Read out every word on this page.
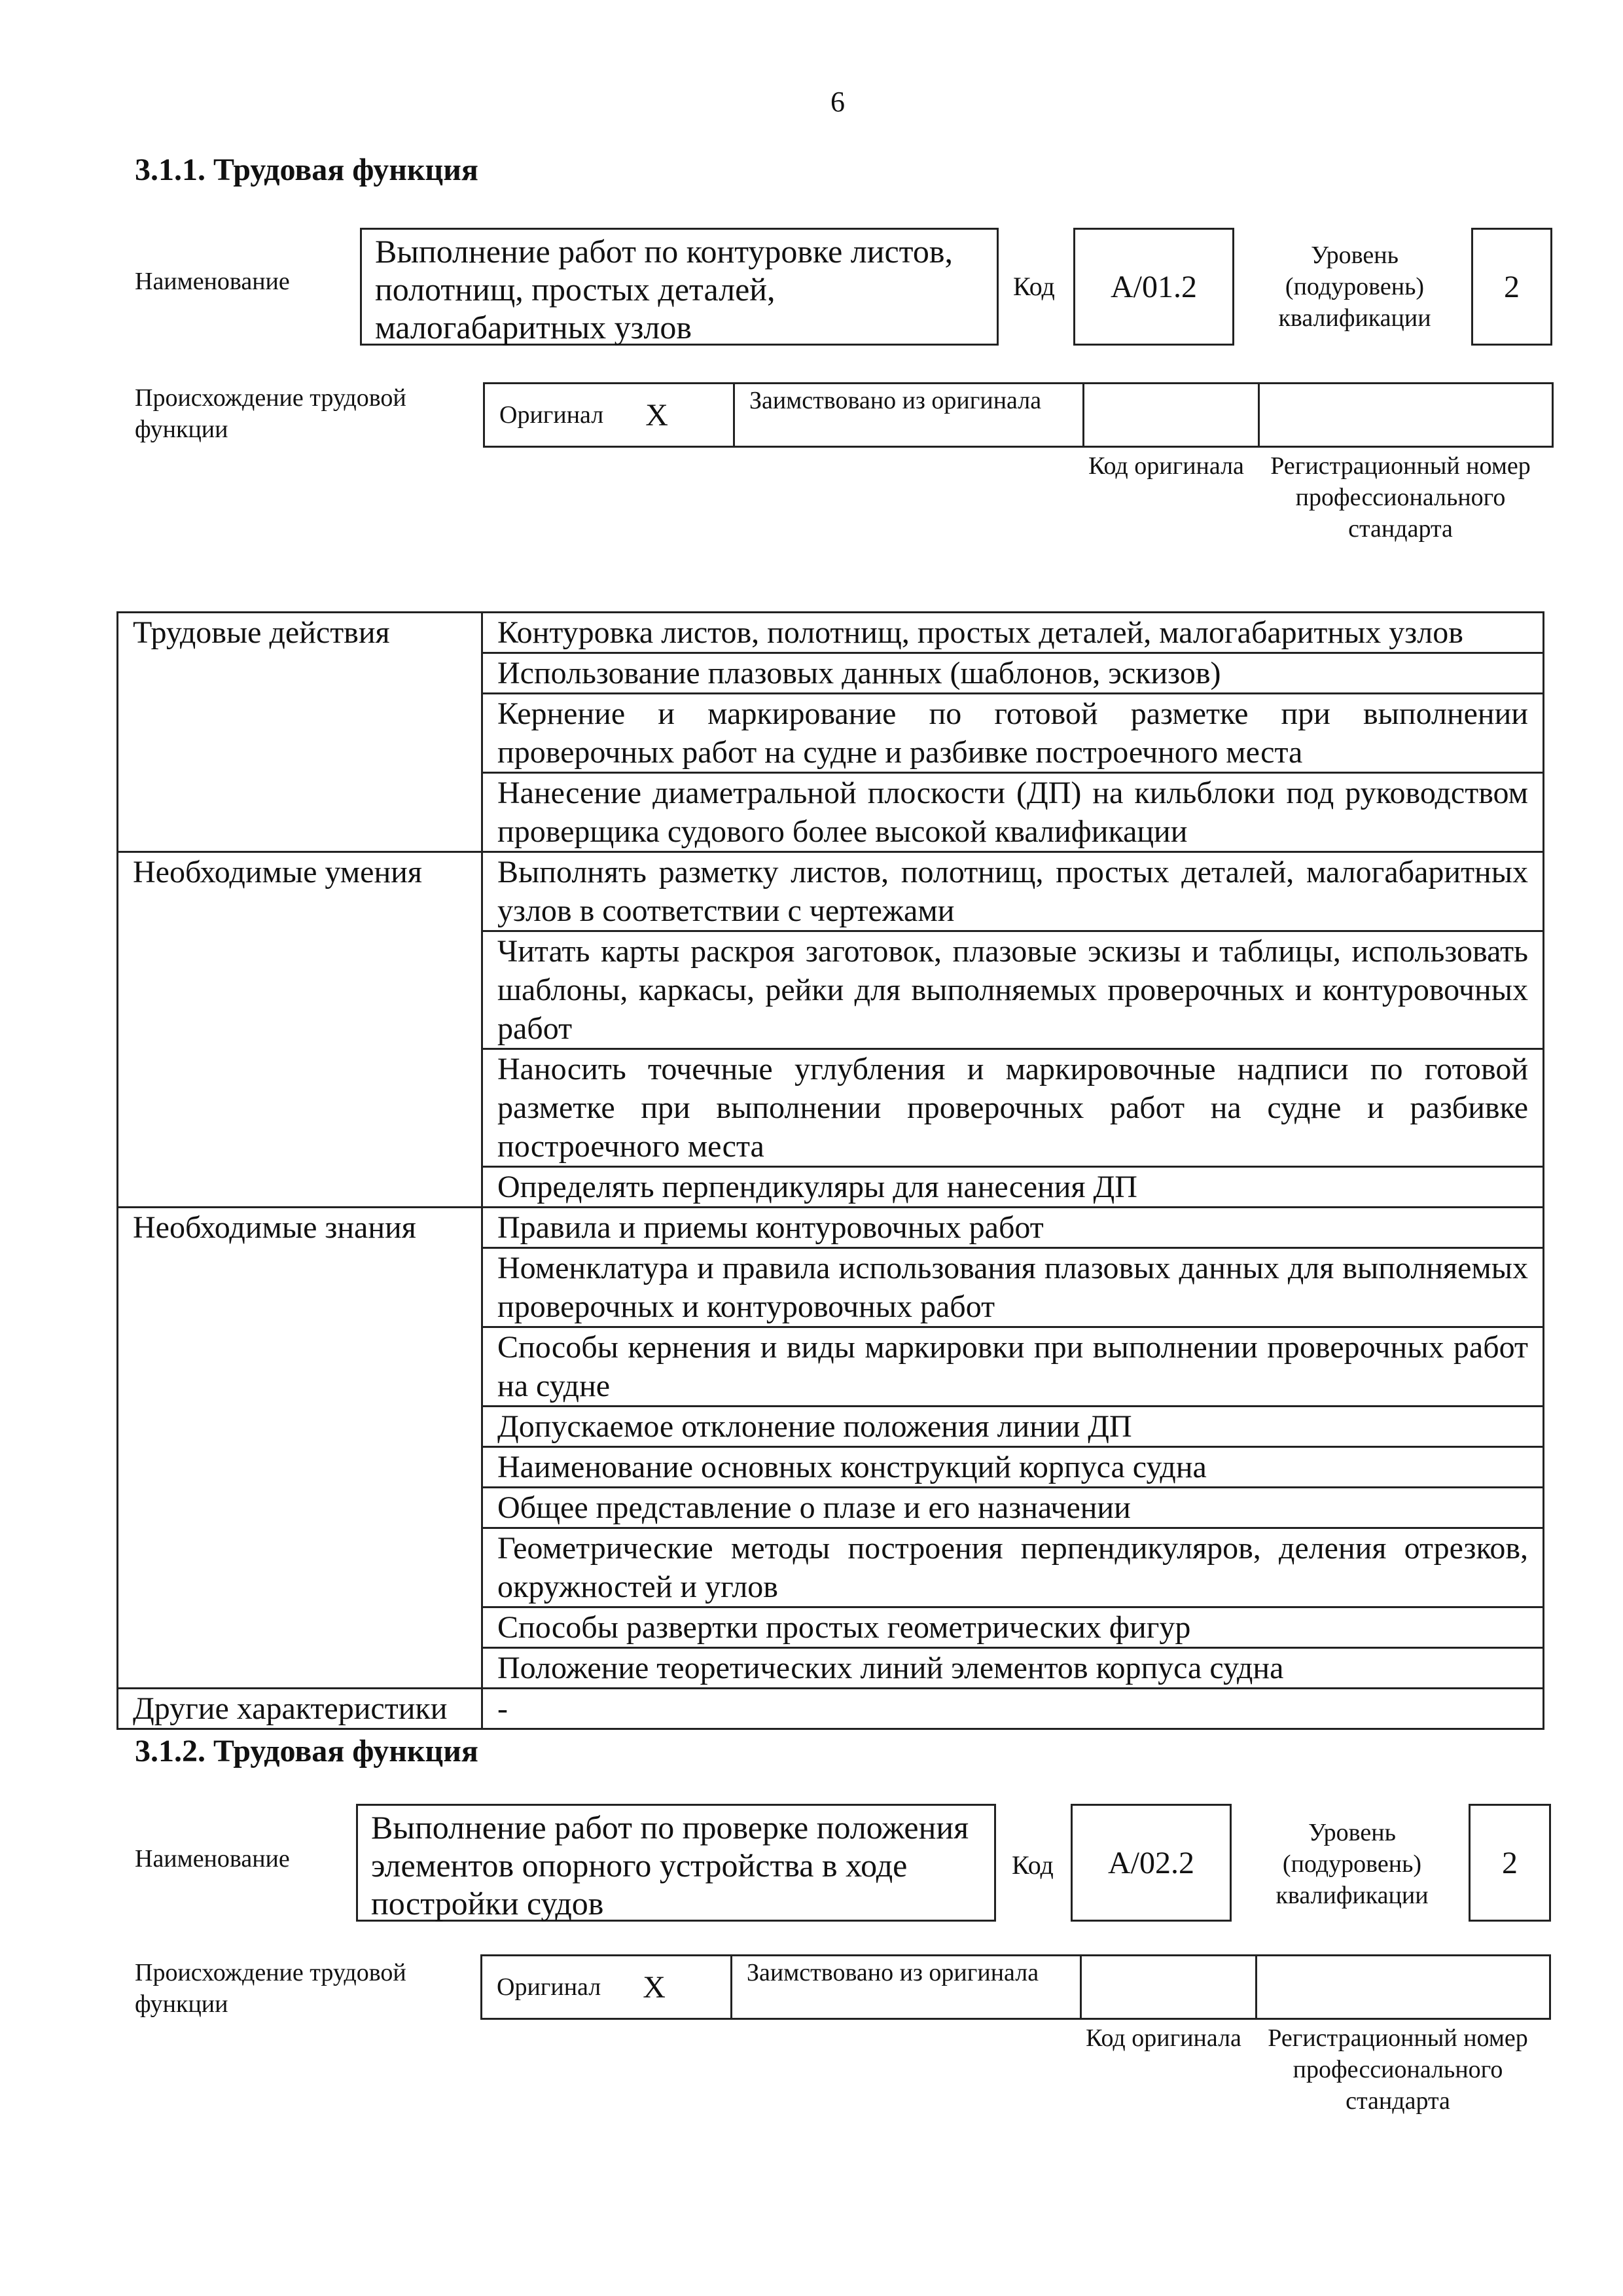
6
3.1.1. Трудовая функция
Наименование
Выполнение работ по контуровке листов, полотнищ, простых деталей, малогабаритных узлов
Код А/01.2
Уровень (подуровень) квалификации
2
Происхождение трудовой функции
Оригинал Х	Заимствовано из оригинала
Код оригинала	Регистрационный номер профессионального стандарта
Трудовые действия	Контуровка листов, полотнищ, простых деталей, малогабаритных узлов
	Использование плазовых данных (шаблонов, эскизов)
	Кернение и маркирование по готовой разметке при выполнении проверочных работ на судне и разбивке построечного места
	Нанесение диаметральной плоскости (ДП) на кильблоки под руководством проверщика судового более высокой квалификации
Необходимые умения	Выполнять разметку листов, полотнищ, простых деталей, малогабаритных узлов в соответствии с чертежами
	Читать карты раскроя заготовок, плазовые эскизы и таблицы, использовать шаблоны, каркасы, рейки для выполняемых проверочных и контуровочных работ
	Наносить точечные углубления и маркировочные надписи по готовой разметке при выполнении проверочных работ на судне и разбивке построечного места
	Определять перпендикуляры для нанесения ДП
Необходимые знания	Правила и приемы контуровочных работ
	Номенклатура и правила использования плазовых данных для выполняемых проверочных и контуровочных работ
	Способы кернения и виды маркировки при выполнении проверочных работ на судне
	Допускаемое отклонение положения линии ДП
	Наименование основных конструкций корпуса судна
	Общее представление о плазе и его назначении
	Геометрические методы построения перпендикуляров, деления отрезков, окружностей и углов
	Способы развертки простых геометрических фигур
	Положение теоретических линий элементов корпуса судна
Другие характеристики	-
3.1.2. Трудовая функция
Наименование
Выполнение работ по проверке положения элементов опорного устройства в ходе постройки судов
Код А/02.2
Уровень (подуровень) квалификации
2
Происхождение трудовой функции
Оригинал Х	Заимствовано из оригинала
Код оригинала	Регистрационный номер профессионального стандарта
